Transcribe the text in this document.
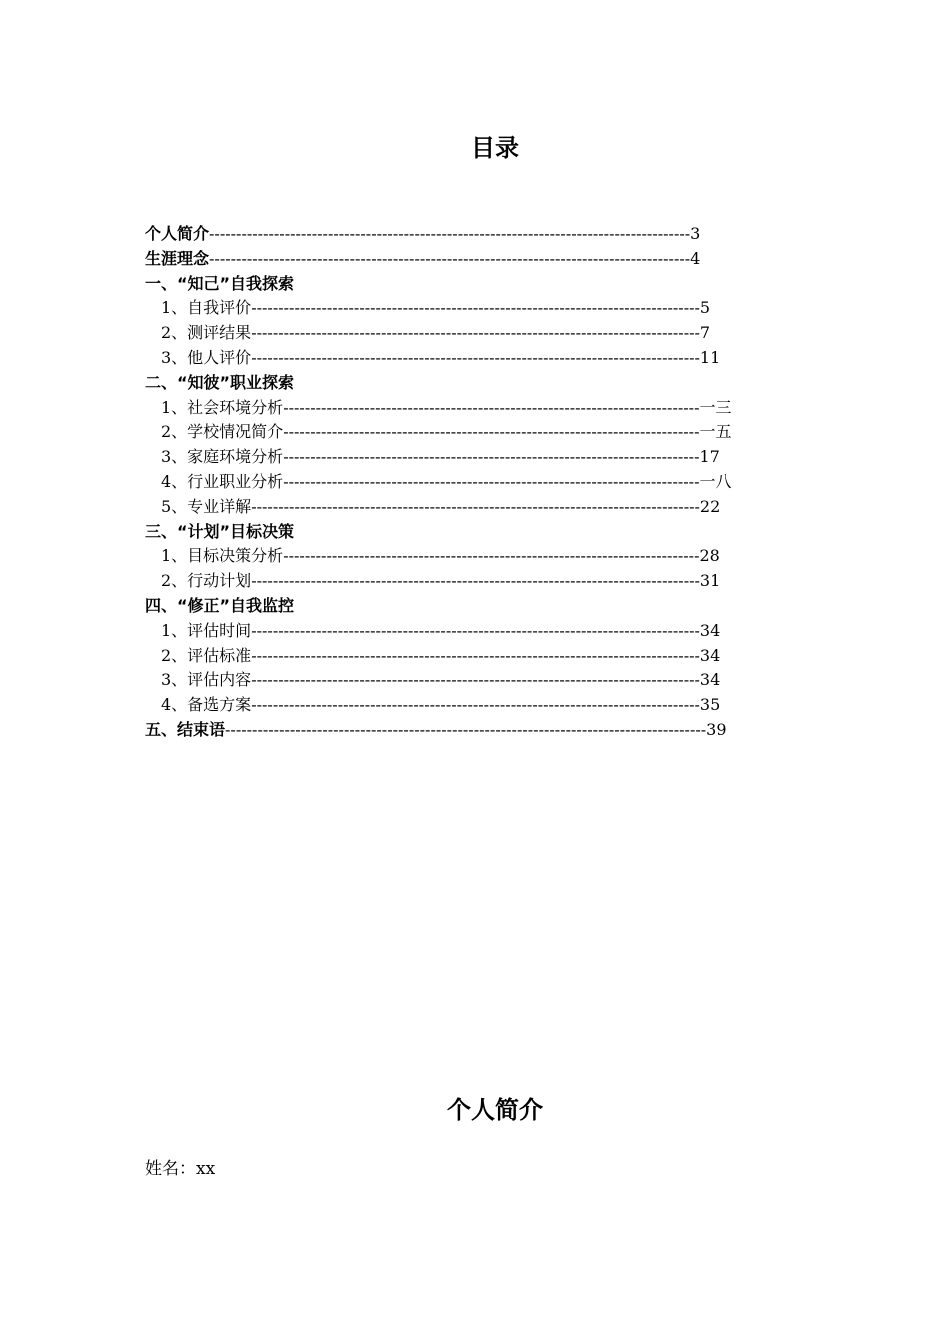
目录
个人简介-----------------------------------------------------------------------------------------3
生涯理念-----------------------------------------------------------------------------------------4
一、“知己”自我探索
1、自我评价-----------------------------------------------------------------------------------5
2、测评结果-----------------------------------------------------------------------------------7
3、他人评价-----------------------------------------------------------------------------------11
二、“知彼”职业探索
1、社会环境分析-----------------------------------------------------------------------------一三
2、学校情况简介-----------------------------------------------------------------------------一五
3、家庭环境分析-----------------------------------------------------------------------------17
4、行业职业分析-----------------------------------------------------------------------------一八
5、专业详解-----------------------------------------------------------------------------------22
三、“计划”目标决策
1、目标决策分析-----------------------------------------------------------------------------28
2、行动计划-----------------------------------------------------------------------------------31
四、“修正”自我监控
1、评估时间-----------------------------------------------------------------------------------34
2、评估标准-----------------------------------------------------------------------------------34
3、评估内容-----------------------------------------------------------------------------------34
4、备选方案-----------------------------------------------------------------------------------35
五、结束语-----------------------------------------------------------------------------------------39
个人简介
姓名：xx
